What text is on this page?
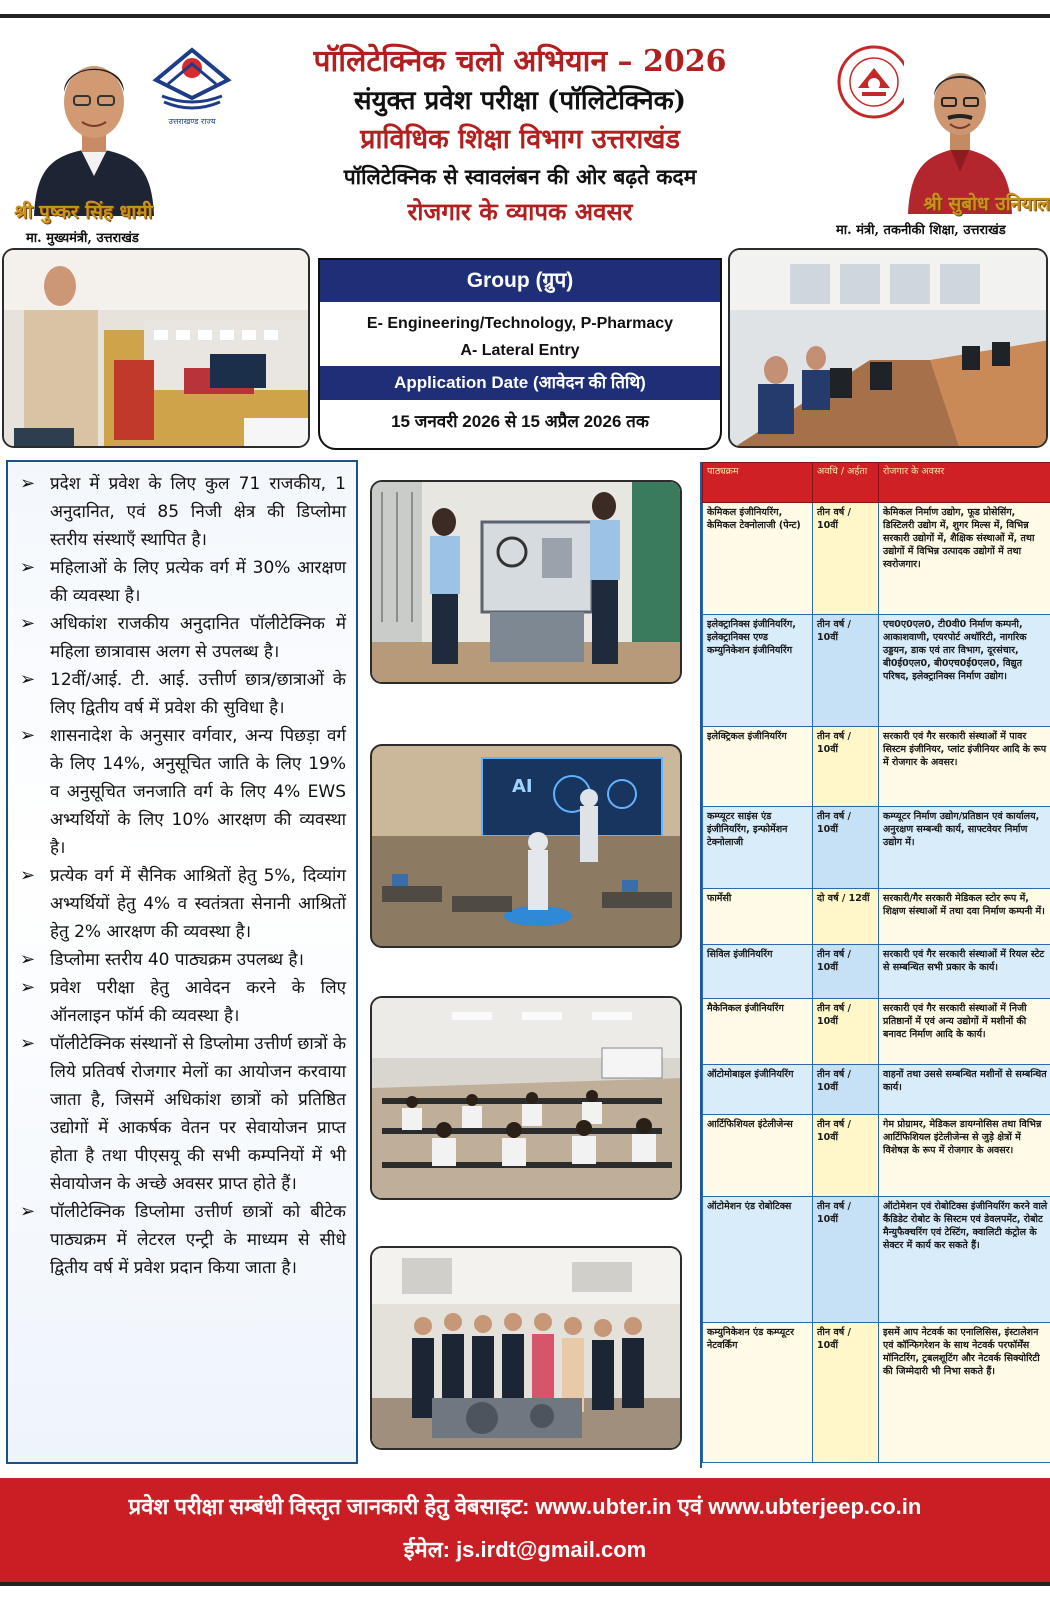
उत्तराखण्ड राज्य
श्री पुष्कर सिंह धामी
मा. मुख्यमंत्री, उत्तराखंड
पॉलिटेक्निक चलो अभियान – 2026
संयुक्त प्रवेश परीक्षा (पॉलिटेक्निक)
प्राविधिक शिक्षा विभाग उत्तराखंड
पॉलिटेक्निक से स्वावलंबन की ओर बढ़ते कदम
रोजगार के व्यापक अवसर	श्री सुबोध उनियाल
मा. मंत्री, तकनीकी शिक्षा, उत्तराखंड
Group (ग्रुप)
E- Engineering/Technology, P-Pharmacy
A- Lateral Entry
Application Date (आवेदन की तिथि)
15 जनवरी 2026 से 15 अप्रैल 2026 तक
➢ प्रदेश में प्रवेश के लिए कुल 71 राजकीय, 1 अनुदानित, एवं 85 निजी क्षेत्र की डिप्लोमा स्तरीय संस्थाएँ स्थापित है।
➢ महिलाओं के लिए प्रत्येक वर्ग में 30% आरक्षण की व्यवस्था है।
➢ अधिकांश राजकीय अनुदानित पॉलीटेक्निक में महिला छात्रावास अलग से उपलब्ध है।
➢ 12वीं/आई. टी. आई. उत्तीर्ण छात्र/छात्राओं के लिए द्वितीय वर्ष में प्रवेश की सुविधा है।
➢ शासनादेश के अनुसार वर्गवार, अन्य पिछड़ा वर्ग के लिए 14%, अनुसूचित जाति के लिए 19% व अनुसूचित जनजाति वर्ग के लिए 4% EWS अभ्यर्थियों के लिए 10% आरक्षण की व्यवस्था है।
➢ प्रत्येक वर्ग में सैनिक आश्रितों हेतु 5%, दिव्यांग अभ्यर्थियों हेतु 4% व स्वतंत्रता सेनानी आश्रितों हेतु 2% आरक्षण की व्यवस्था है।
➢ डिप्लोमा स्तरीय 40 पाठ्यक्रम उपलब्ध है।
➢ प्रवेश परीक्षा हेतु आवेदन करने के लिए ऑनलाइन फॉर्म की व्यवस्था है।
➢ पॉलीटेक्निक संस्थानों से डिप्लोमा उत्तीर्ण छात्रों के लिये प्रतिवर्ष रोजगार मेलों का आयोजन करवाया जाता है, जिसमें अधिकांश छात्रों को प्रतिष्ठित उद्योगों में आकर्षक वेतन पर सेवायोजन प्राप्त होता है तथा पीएसयू की सभी कम्पनियों में भी सेवायोजन के अच्छे अवसर प्राप्त होते हैं।
➢ पॉलीटेक्निक डिप्लोमा उत्तीर्ण छात्रों को बीटेक पाठ्यक्रम में लेटरल एन्ट्री के माध्यम से सीधे द्वितीय वर्ष में प्रवेश प्रदान किया जाता है।
AI
पाठ्यक्रम	अवधि / अर्हता	रोजगार के अवसर
केमिकल इंजीनियरिंग, केमिकल टेक्नोलाजी (पेन्ट)	तीन वर्ष / 10वीं	केमिकल निर्माण उद्योग, फूड प्रोसेसिंग, डिस्टिलरी उद्योग में, शुगर मिल्स में, विभिन्न सरकारी उद्योगों में, शैक्षिक संस्थाओं में, तथा उद्योगों में विभिन्न उत्पादक उद्योगों में तथा स्वरोजगार।
इलेक्ट्रानिक्स इंजीनियरिंग, इलेक्ट्रानिक्स एण्ड कम्युनिकेशन इंजीनियरिंग	तीन वर्ष / 10वीं	एच0ए0एल0, टी0वी0 निर्माण कम्पनी, आकाशवाणी, एयरपोर्ट अथॉरिटी, नागरिक उड्डयन, डाक एवं तार विभाग, दूरसंचार, बी0ई0एल0, बी0एच0ई0एल0, विद्युत परिषद, इलेक्ट्रानिक्स निर्माण उद्योग।
इलेक्ट्रिकल इंजीनियरिंग	तीन वर्ष / 10वीं	सरकारी एवं गैर सरकारी संस्थाओं में पावर सिस्टम इंजीनियर, प्लांट इंजीनियर आदि के रूप में रोजगार के अवसर।
कम्प्यूटर साइंस एंड इंजीनियरिंग, इन्फोर्मेशन टेक्नोलाजी	तीन वर्ष / 10वीं	कम्प्यूटर निर्माण उद्योग/प्रतिष्ठान एवं कार्यालय, अनुरक्षण सम्बन्धी कार्य, साफ्टवेयर निर्माण उद्योग में।
फार्मेसी	दो वर्ष / 12वीं	सरकारी/गैर सरकारी मेडिकल स्टोर रूप में, शिक्षण संस्थाओं में तथा दवा निर्माण कम्पनी में।
सिविल इंजीनियरिंग	तीन वर्ष / 10वीं	सरकारी एवं गैर सरकारी संस्थाओं में रियल स्टेट से सम्बन्धित सभी प्रकार के कार्य।
मैकेनिकल इंजीनियरिंग	तीन वर्ष / 10वीं	सरकारी एवं गैर सरकारी संस्थाओं में निजी प्रतिष्ठानों में एवं अन्य उद्योगों में मशीनों की बनावट निर्माण आदि के कार्य।
ऑटोमोबाइल इंजीनियरिंग	तीन वर्ष / 10वीं	वाहनों तथा उससे सम्बन्धित मशीनों से सम्बन्धित कार्य।
आर्टिफिशियल इंटेलीजेन्स	तीन वर्ष / 10वीं	गेम प्रोग्रामर, मेडिकल डायग्नोसिस तथा विभिन्न आर्टिफिशियल इंटेलीजेन्स से जुड़े क्षेत्रों में विशेषज्ञ के रूप में रोजगार के अवसर।
ऑटोमेशन एंड रोबोटिक्स	तीन वर्ष / 10वीं	ऑटोमेशन एवं रोबोटिक्स इंजीनियरिंग करने वाले कैंडिडेट रोबोट के सिस्टम एवं डेवलपमेंट, रोबोट मैन्युफैक्चरिंग एवं टेस्टिंग, क्वालिटी कंट्रोल के सेक्टर में कार्य कर सकते हैं।
कम्युनिकेशन एंड कम्प्यूटर नेटवर्किंग	तीन वर्ष / 10वीं	इसमें आप नेटवर्क का एनालिसिस, इंस्टालेशन एवं कॉन्फिगरेशन के साथ नेटवर्क परफॉर्मेंस मॉनिटरिंग, ट्रबलशूटिंग और नेटवर्क सिक्योरिटी की जिम्मेदारी भी निभा सकते हैं।
प्रवेश परीक्षा सम्बंधी विस्तृत जानकारी हेतु वेबसाइट: www.ubter.in एवं www.ubterjeep.co.in
ईमेल: js.irdt@gmail.com
